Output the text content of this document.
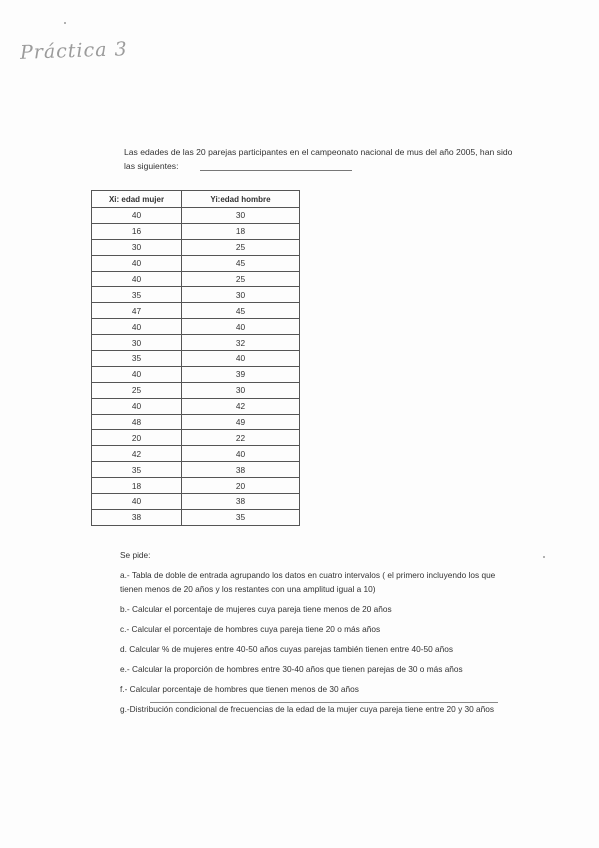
Práctica 3
Las edades de las 20 parejas participantes en el campeonato nacional de mus del año 2005, han sido las siguientes:
Xi: edad mujer	Yi:edad hombre
40	30
16	18
30	25
40	45
40	25
35	30
47	45
40	40
30	32
35	40
40	39
25	30
40	42
48	49
20	22
42	40
35	38
18	20
40	38
38	35

Se pide:

a.- Tabla de doble de entrada agrupando los datos en cuatro intervalos ( el primero incluyendo los que tienen menos de 20 años y los restantes con una amplitud igual a 10)

b.- Calcular el porcentaje de mujeres cuya pareja tiene menos de 20 años

c.- Calcular el porcentaje de hombres cuya pareja tiene 20 o más años

d. Calcular % de mujeres entre 40-50 años cuyas parejas también tienen entre 40-50 años

e.- Calcular la proporción de hombres entre 30-40 años que tienen parejas de 30 o más años

f.- Calcular porcentaje de hombres que tienen menos de 30 años

g.-Distribución condicional de frecuencias de la edad de la mujer cuya pareja tiene entre 20 y 30 años
